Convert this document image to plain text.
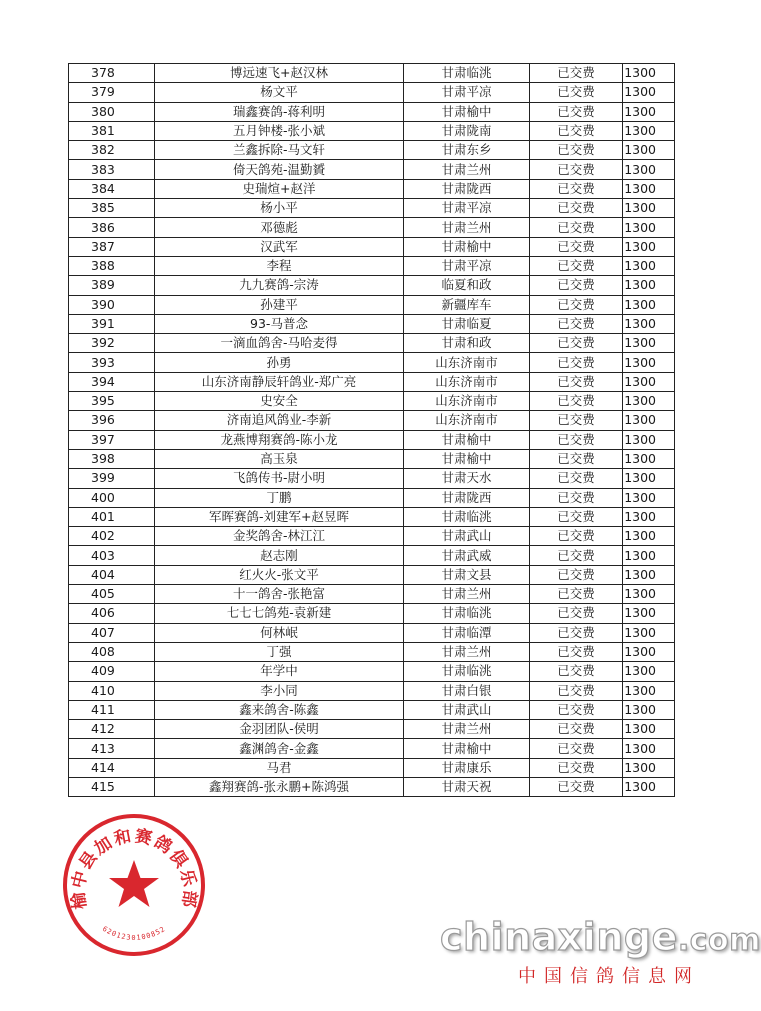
378	博远速飞+赵汉林	甘肃临洮	已交费	1300
379	杨文平	甘肃平凉	已交费	1300
380	瑞鑫赛鸽-蒋利明	甘肃榆中	已交费	1300
381	五月钟楼-张小斌	甘肃陇南	已交费	1300
382	兰鑫拆除-马文轩	甘肃东乡	已交费	1300
383	倚天鸽苑-温勤贇	甘肃兰州	已交费	1300
384	史瑞煊+赵洋	甘肃陇西	已交费	1300
385	杨小平	甘肃平凉	已交费	1300
386	邓德彪	甘肃兰州	已交费	1300
387	汉武军	甘肃榆中	已交费	1300
388	李程	甘肃平凉	已交费	1300
389	九九赛鸽-宗涛	临夏和政	已交费	1300
390	孙建平	新疆库车	已交费	1300
391	93-马普念	甘肃临夏	已交费	1300
392	一滴血鸽舍-马哈麦得	甘肃和政	已交费	1300
393	孙勇	山东济南市	已交费	1300
394	山东济南静辰轩鸽业-郑广亮	山东济南市	已交费	1300
395	史安全	山东济南市	已交费	1300
396	济南追风鸽业-李新	山东济南市	已交费	1300
397	龙燕博翔赛鸽-陈小龙	甘肃榆中	已交费	1300
398	高玉泉	甘肃榆中	已交费	1300
399	飞鸽传书-尉小明	甘肃天水	已交费	1300
400	丁鹏	甘肃陇西	已交费	1300
401	军晖赛鸽-刘建军+赵昱晖	甘肃临洮	已交费	1300
402	金奖鸽舍-林江江	甘肃武山	已交费	1300
403	赵志刚	甘肃武威	已交费	1300
404	红火火-张文平	甘肃文县	已交费	1300
405	十一鸽舍-张艳富	甘肃兰州	已交费	1300
406	七七七鸽苑-袁新建	甘肃临洮	已交费	1300
407	何林岷	甘肃临潭	已交费	1300
408	丁强	甘肃兰州	已交费	1300
409	年学中	甘肃临洮	已交费	1300
410	李小同	甘肃白银	已交费	1300
411	鑫来鸽舍-陈鑫	甘肃武山	已交费	1300
412	金羽团队-侯明	甘肃兰州	已交费	1300
413	鑫渊鸽舍-金鑫	甘肃榆中	已交费	1300
414	马君	甘肃康乐	已交费	1300
415	鑫翔赛鸽-张永鹏+陈鸿强	甘肃天祝	已交费	1300
榆中县加和赛鸽俱乐部
6201230100852	chinaxinge.com
中国信鸽信息网
